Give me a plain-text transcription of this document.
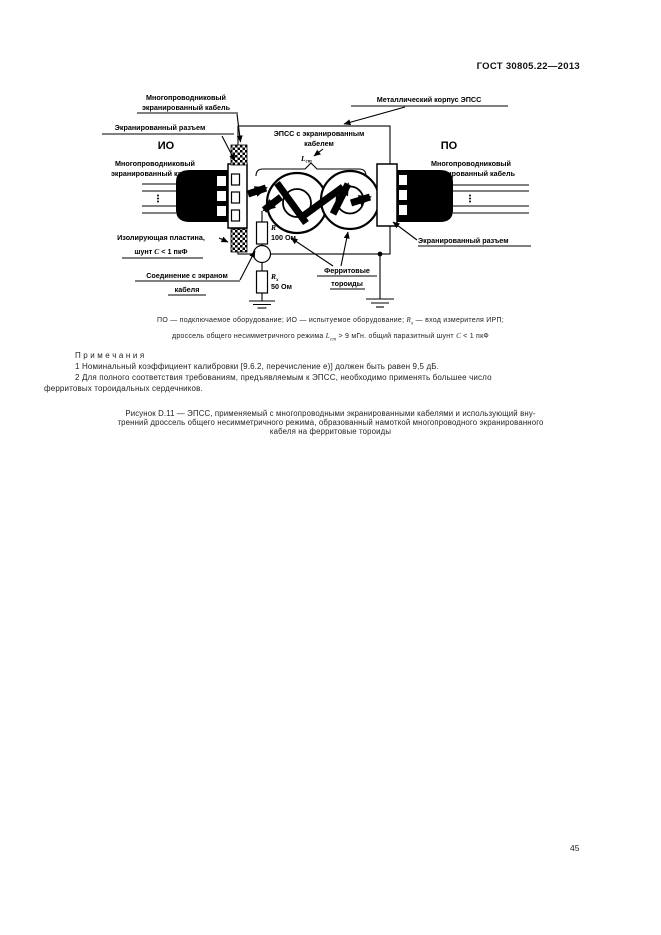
ГОСТ 30805.22—2013
Многопроводниковый
экранированный кабель
Экранированный разъем
ИО
Многопроводниковый
экранированный кабель
Металлический корпус ЭПСС
ЭПСС с экранированным
кабелем
Lст
ПО
Многопроводниковый
экранированный кабель
Экранированный разъем
Изолирующая пластина,
шунт С < 1 пкФ
Соединение с экраном
кабеля
R
100 Ом
Rх
50 Ом
Ферритовые
тороиды
ПО — подключаемое оборудование; ИО — испытуемое оборудование; $R_х$ — вход измерителя ИРП;
дроссель общего несимметричного режима $L_{ст} > 9$ мГн. общий паразитный шунт С < 1 пкФ
П р и м е ч а н и я
1 Номинальный коэффициент калибровки [9.6.2, перечисление е)] должен быть равен 9,5 дБ.
2 Для полного соответствия требованиям, предъявляемым к ЭПСС, необходимо применять большее число
ферритовых тороидальных сердечников.
Рисунок D.11 — ЭПСС, применяемый с многопроводными экранированными кабелями и использующий вну-
тренний дроссель общего несимметричного режима, образованный намоткой многопроводного экранированного
кабеля на ферритовые тороиды
45
